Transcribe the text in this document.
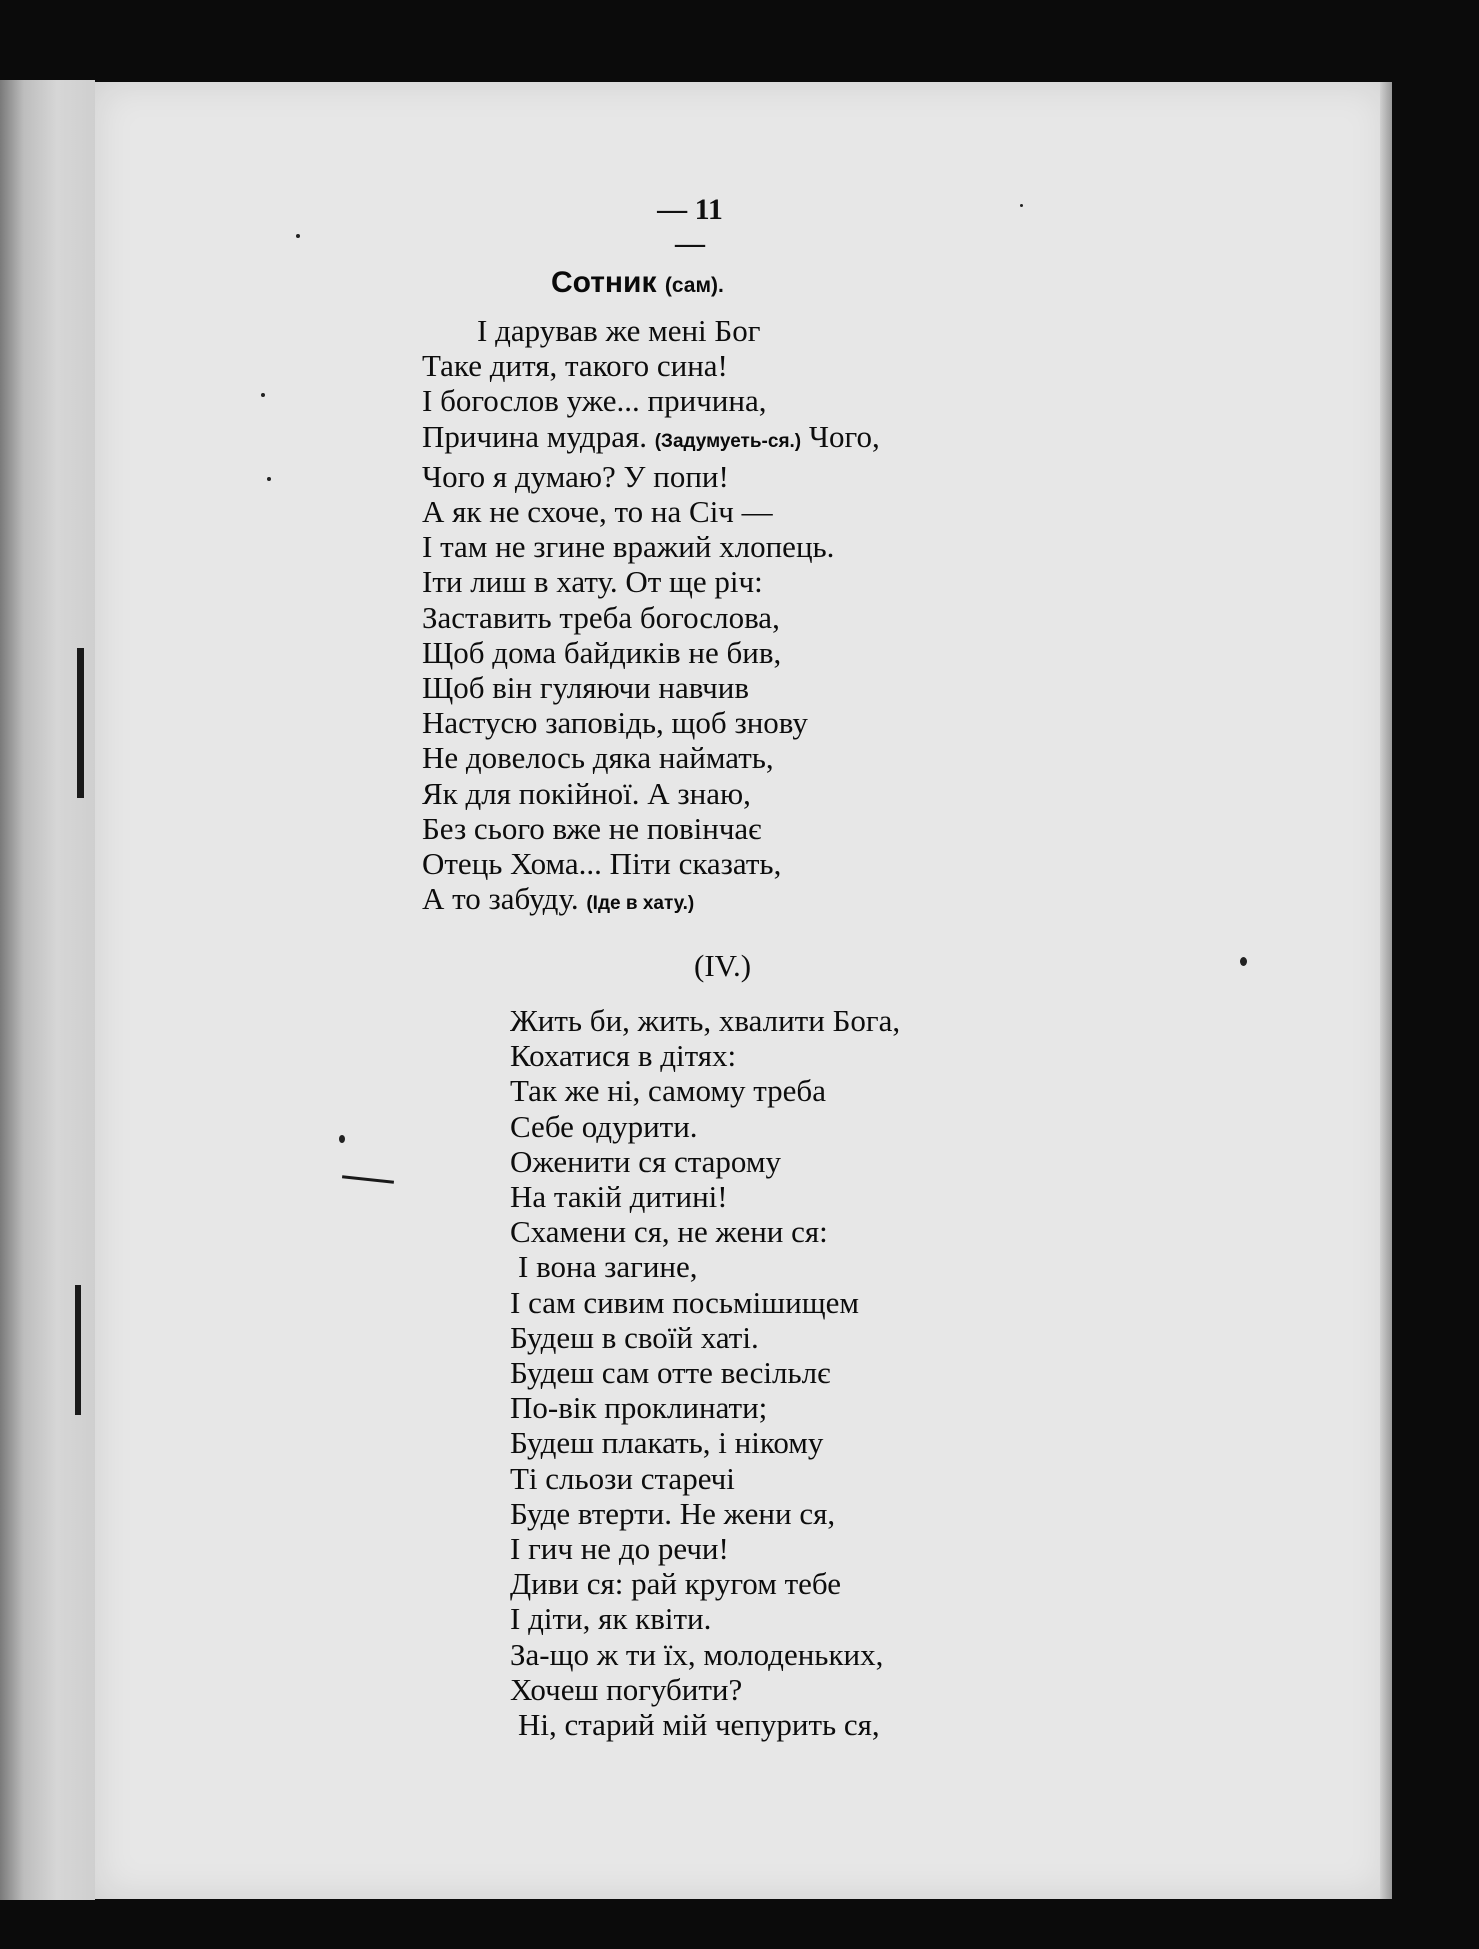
— 11 —
Сотник (сам).
І дарував же мені Бог
Таке дитя, такого сина!
І богослов уже... причина,
Причина мудрая. (Задумуеть-ся.) Чого,
Чого я думаю? У попи!
А як не схоче, то на Січ —
І там не згине вражий хлопець.
Іти лиш в хату. От ще річ:
Заставить треба богослова,
Щоб дома байдиків не бив,
Щоб він гуляючи навчив
Настусю заповідь, щоб знову
Не довелось дяка наймать,
Як для покійної. А знаю,
Без сього вже не повінчає
Отець Хома... Піти сказать,
А то забуду. (Іде в хату.)
(IV.)
Жить би, жить, хвалити Бога,
Кохатися в дітях:
Так же ні, самому треба
Себе одурити.
Оженити ся старому
На такій дитині!
Схамени ся, не жени ся:
І вона загине,
І сам сивим посьмішищем
Будеш в своїй хаті.
Будеш сам отте весільлє
По-вік проклинати;
Будеш плакать, і нікому
Ті сльози старечі
Буде втерти. Не жени ся,
І гич не до речи!
Диви ся: рай кругом тебе
І діти, як квіти.
За-що ж ти їх, молоденьких,
Хочеш погубити?
Ні, старий мій чепурить ся,
